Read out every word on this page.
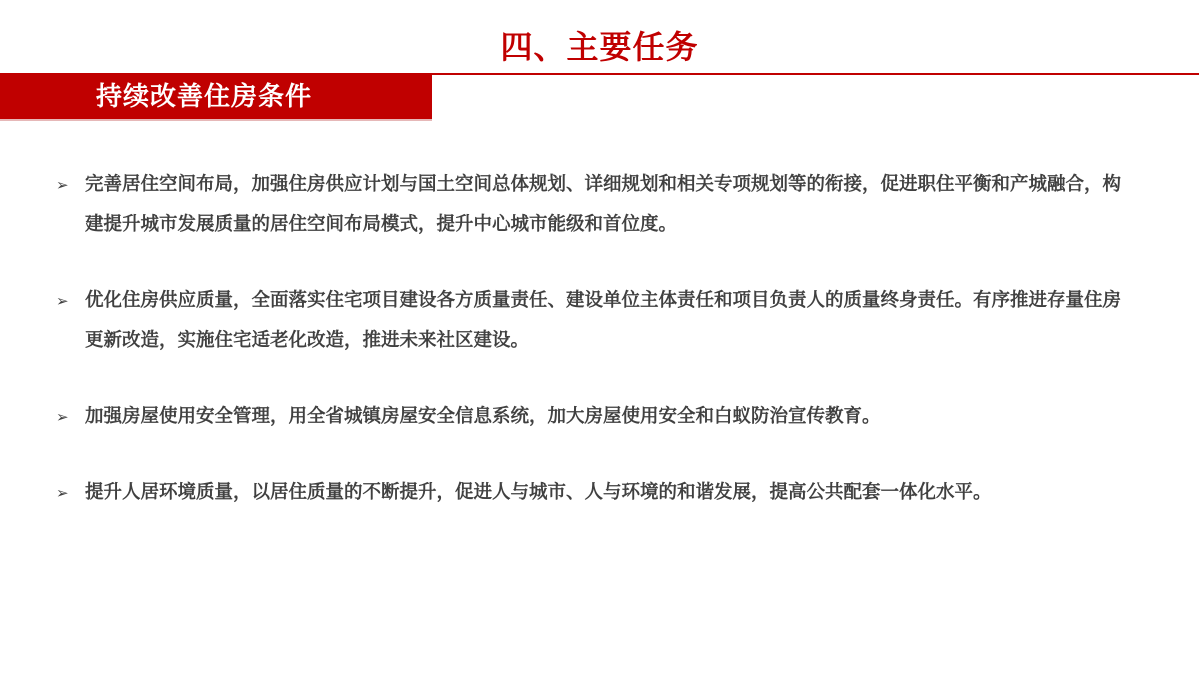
四、主要任务
持续改善住房条件
➢ 完善居住空间布局，加强住房供应计划与国土空间总体规划、详细规划和相关专项规划等的衔接，促进职住平衡和产城融合，构建提升城市发展质量的居住空间布局模式，提升中心城市能级和首位度。
➢ 优化住房供应质量，全面落实住宅项目建设各方质量责任、建设单位主体责任和项目负责人的质量终身责任。有序推进存量住房更新改造，实施住宅适老化改造，推进未来社区建设。
➢ 加强房屋使用安全管理，用全省城镇房屋安全信息系统，加大房屋使用安全和白蚁防治宣传教育。
➢ 提升人居环境质量，以居住质量的不断提升，促进人与城市、人与环境的和谐发展，提高公共配套一体化水平。
